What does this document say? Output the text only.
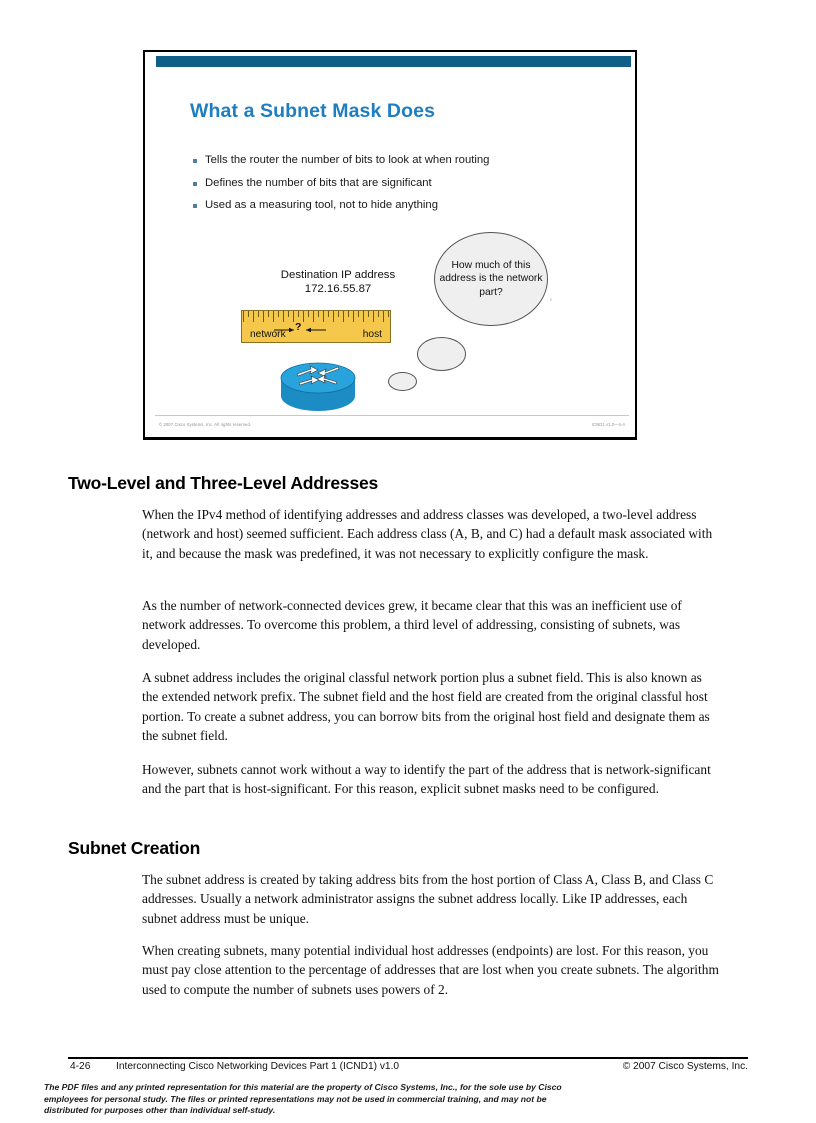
What a Subnet Mask Does
Tells the router the number of bits to look at when routing
Defines the number of bits that are significant
Used as a measuring tool, not to hide anything
Destination IP address
172.16.55.87
?
network	host
How much of this address is the network part?
iii
© 2007 Cisco Systems, Inc. All rights reserved.	ICND1 v1.0—4-4
Two-Level and Three-Level Addresses
When the IPv4 method of identifying addresses and address classes was developed, a two-level address (network and host) seemed sufficient. Each address class (A, B, and C) had a default mask associated with it, and because the mask was predefined, it was not necessary to explicitly configure the mask.
As the number of network-connected devices grew, it became clear that this was an inefficient use of network addresses. To overcome this problem, a third level of addressing, consisting of subnets, was developed.
A subnet address includes the original classful network portion plus a subnet field. This is also known as the extended network prefix. The subnet field and the host field are created from the original classful host portion. To create a subnet address, you can borrow bits from the original host field and designate them as the subnet field.
However, subnets cannot work without a way to identify the part of the address that is network-significant and the part that is host-significant. For this reason, explicit subnet masks need to be configured.
Subnet Creation
The subnet address is created by taking address bits from the host portion of Class A, Class B, and Class C addresses. Usually a network administrator assigns the subnet address locally. Like IP addresses, each subnet address must be unique.
When creating subnets, many potential individual host addresses (endpoints) are lost. For this reason, you must pay close attention to the percentage of addresses that are lost when you create subnets. The algorithm used to compute the number of subnets uses powers of 2.
4-26	Interconnecting Cisco Networking Devices Part 1 (ICND1) v1.0	© 2007 Cisco Systems, Inc.
The PDF files and any printed representation for this material are the property of Cisco Systems, Inc., for the sole use by Cisco employees for personal study. The files or printed representations may not be used in commercial training, and may not be distributed for purposes other than individual self-study.
